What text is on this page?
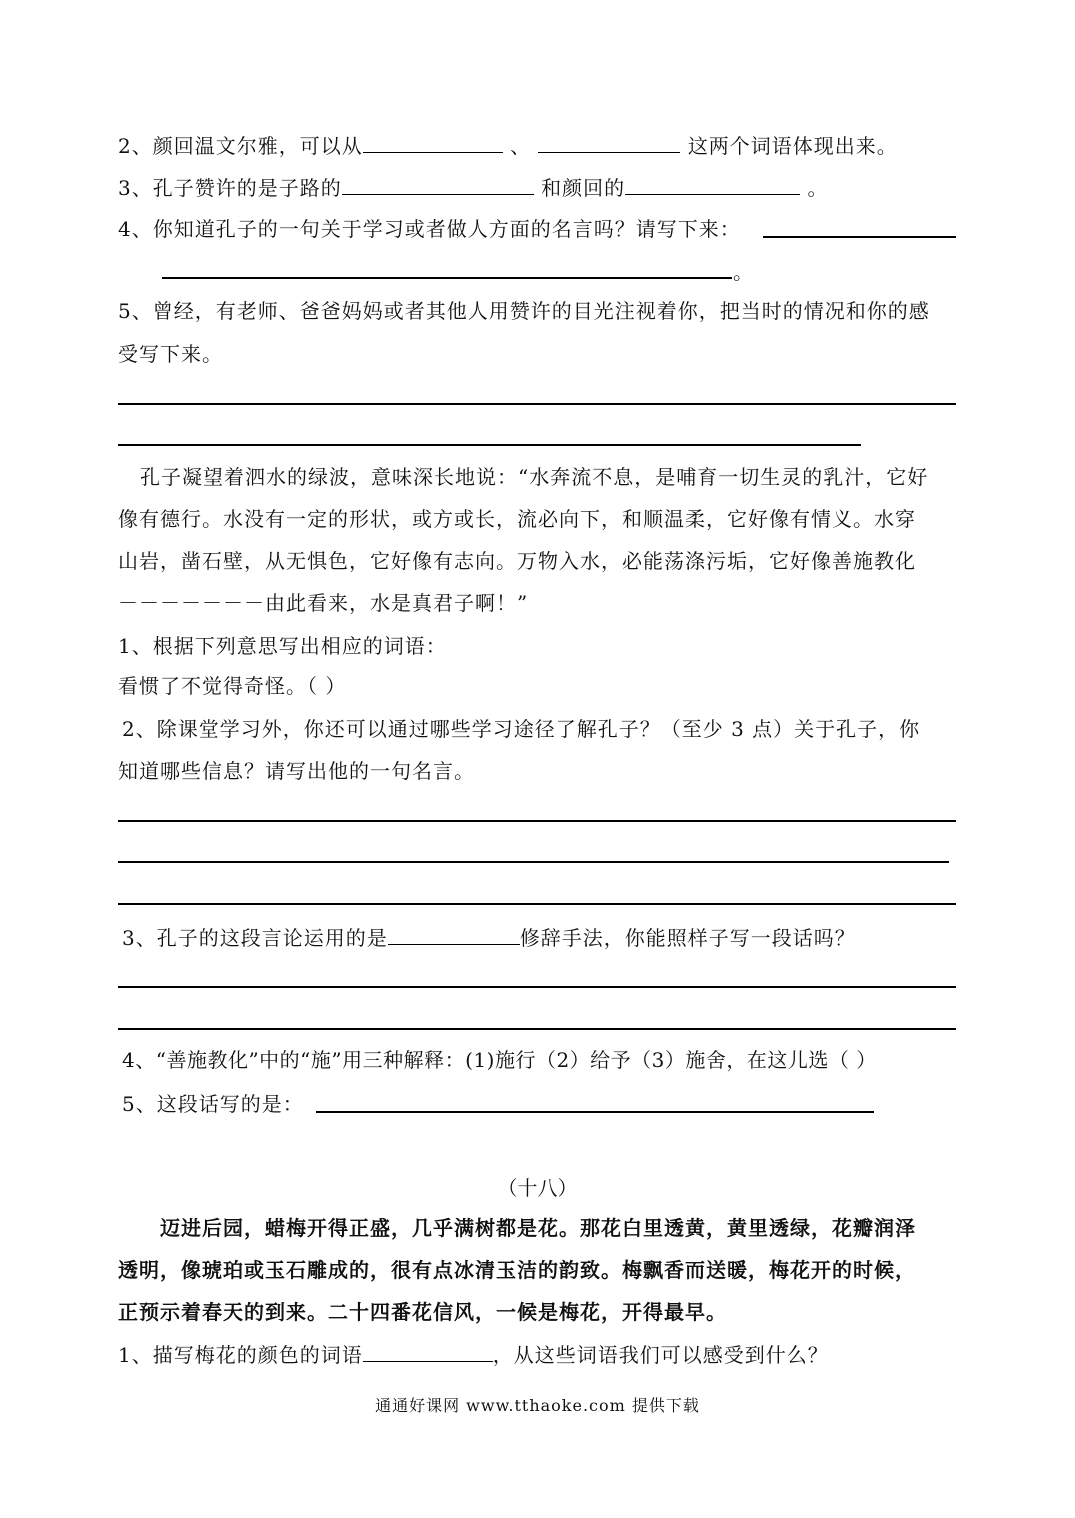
2、颜回温文尔雅，可以从	、	这两个词语体现出来。
3、孔子赞许的是子路的	和颜回的	。
4、你知道孔子的一句关于学习或者做人方面的名言吗？请写下来：
。
5、曾经，有老师、爸爸妈妈或者其他人用赞许的目光注视着你，把当时的情况和你的感
受写下来。
孔子凝望着泗水的绿波，意味深长地说：“水奔流不息，是哺育一切生灵的乳汁，它好
像有德行。水没有一定的形状，或方或长，流必向下，和顺温柔，它好像有情义。水穿
山岩，凿石壁，从无惧色，它好像有志向。万物入水，必能荡涤污垢，它好像善施教化
－－－－－－－由此看来，水是真君子啊！”
1、根据下列意思写出相应的词语：
看惯了不觉得奇怪。（ ）
2、除课堂学习外，你还可以通过哪些学习途径了解孔子？（至少 3 点）关于孔子，你
知道哪些信息？请写出他的一句名言。
3、孔子的这段言论运用的是	修辞手法，你能照样子写一段话吗？
4、“善施教化”中的“施”用三种解释：(1)施行（2）给予（3）施舍，在这儿选（ ）
5、这段话写的是：
（十八）
迈进后园，蜡梅开得正盛，几乎满树都是花。那花白里透黄，黄里透绿，花瓣润泽
透明，像琥珀或玉石雕成的，很有点冰清玉洁的韵致。梅飘香而送暖，梅花开的时候，
正预示着春天的到来。二十四番花信风，一候是梅花，开得最早。
1、描写梅花的颜色的词语	，从这些词语我们可以感受到什么？
通通好课网 www.tthaoke.com 提供下载
